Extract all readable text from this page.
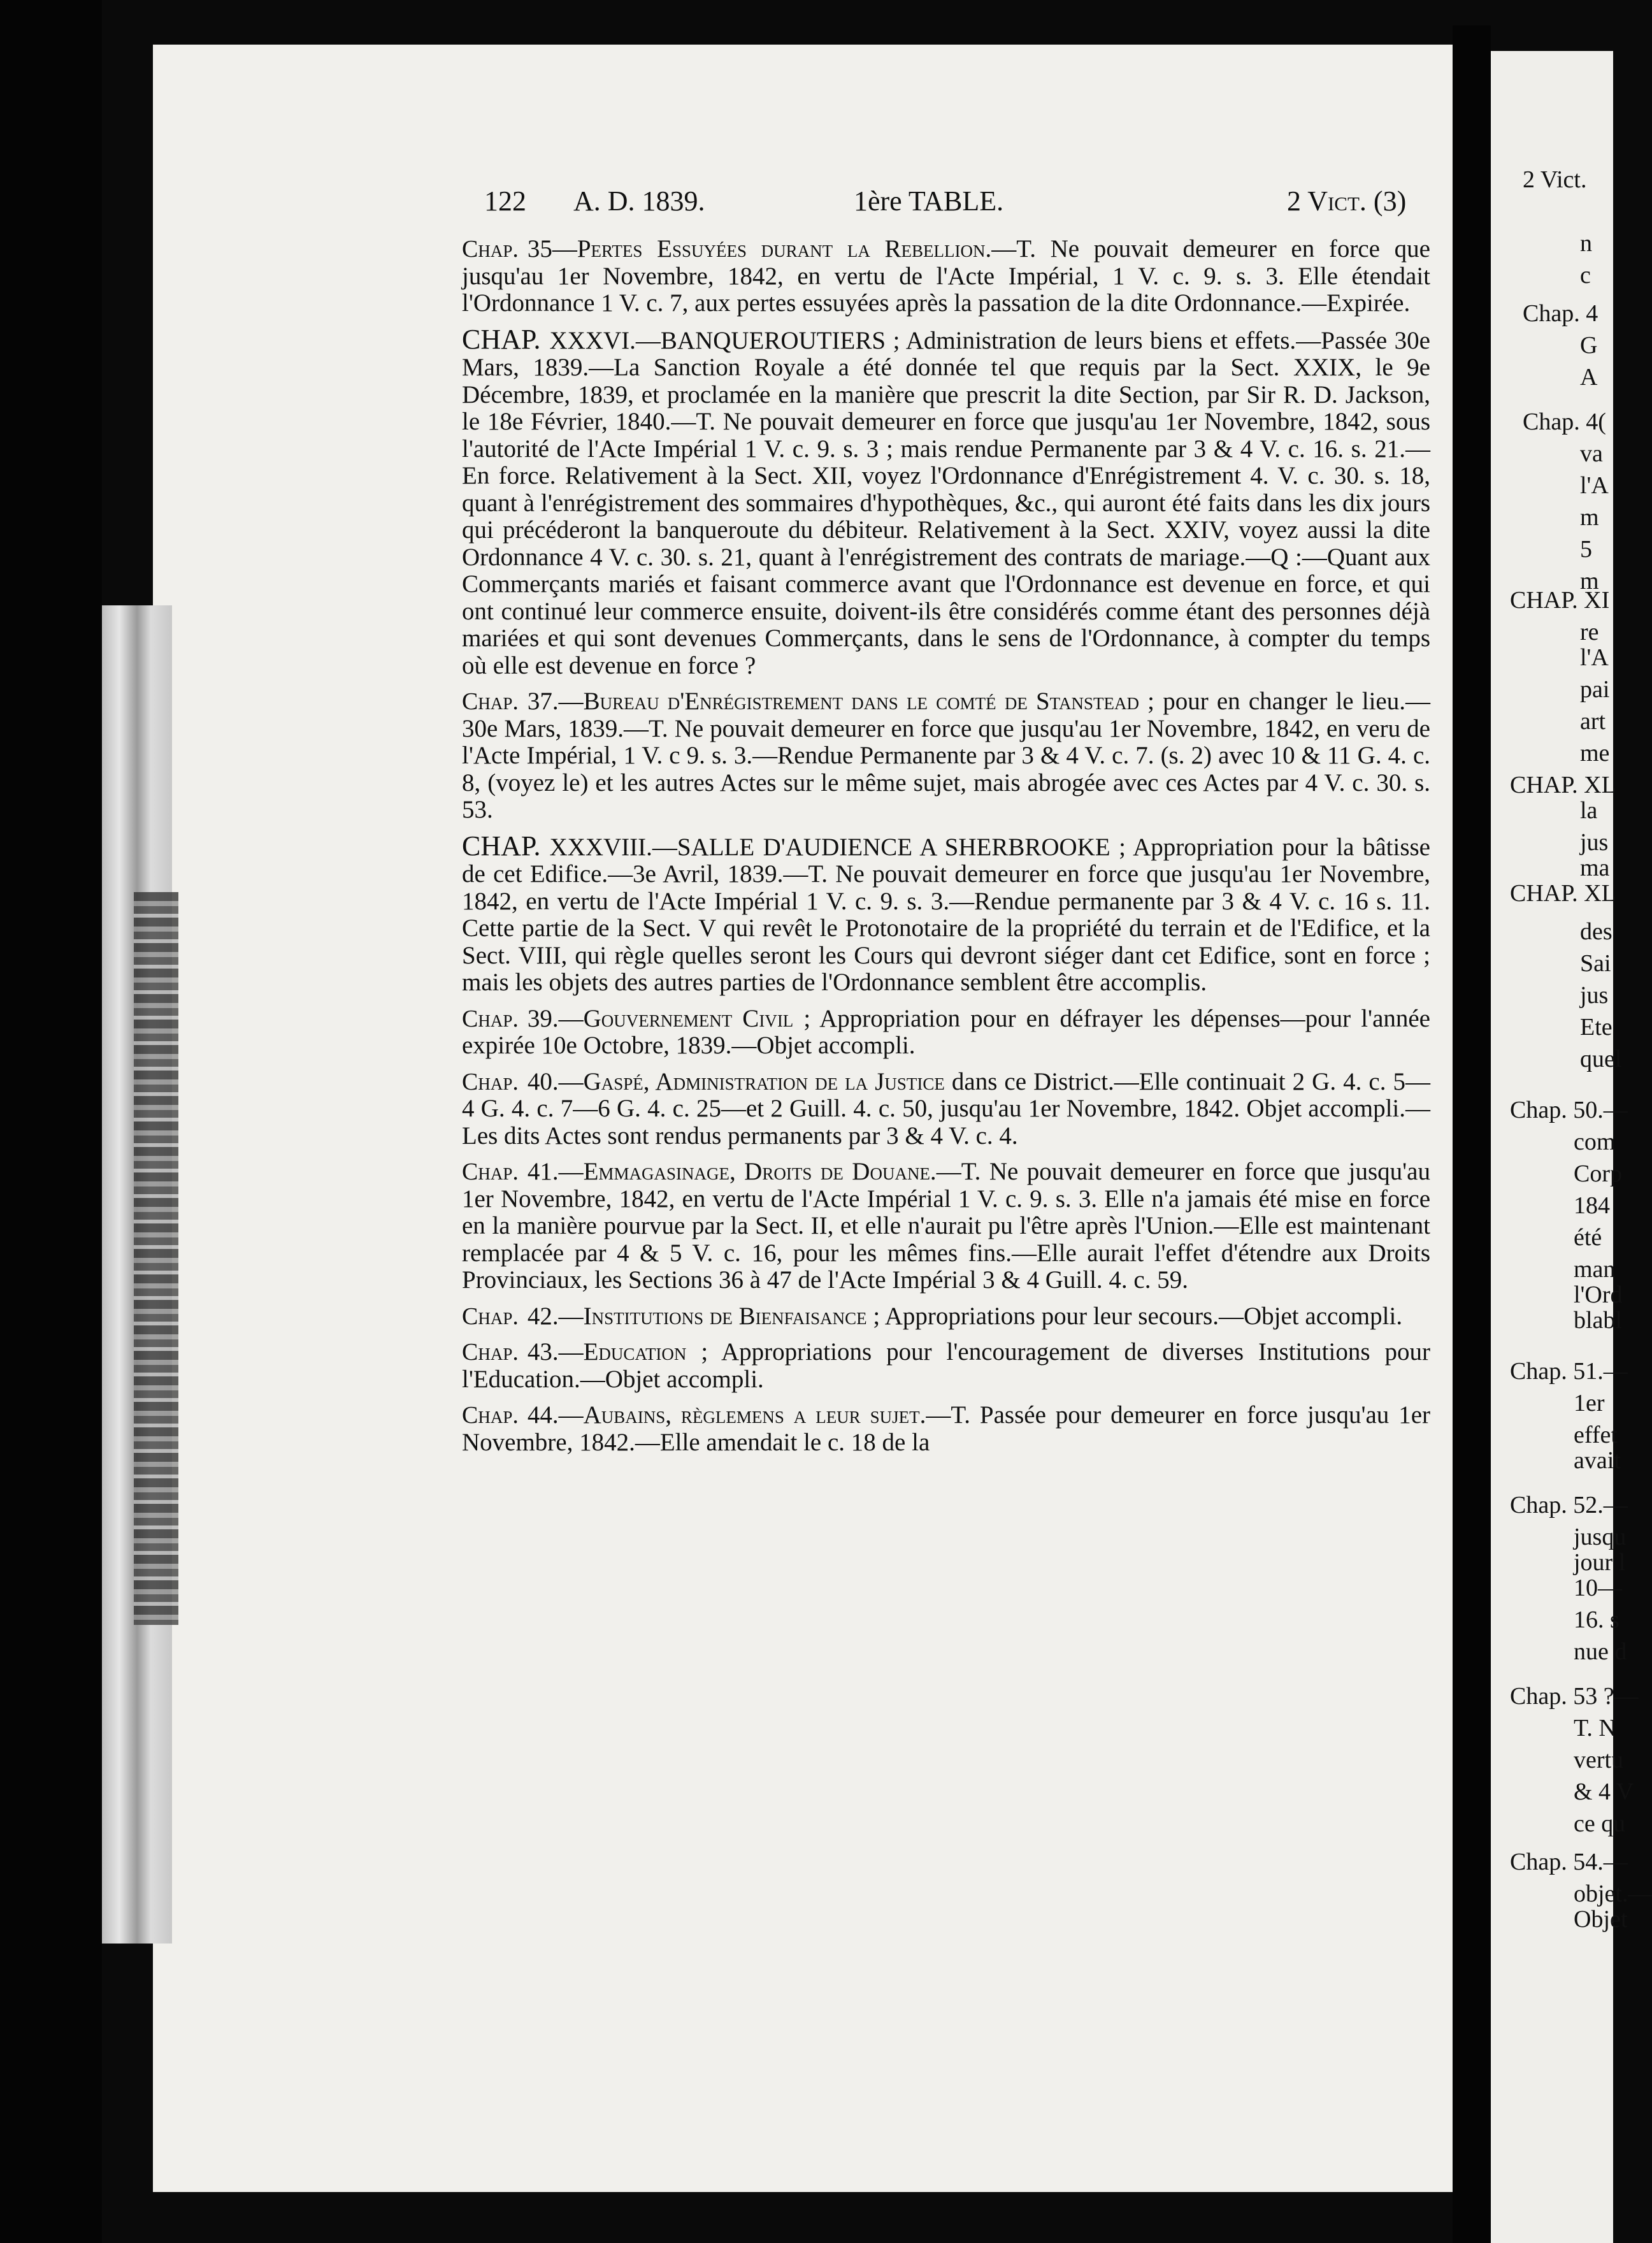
122 A. D. 1839.	1ère TABLE.	2 Vict. (3)
Chap. 35—Pertes Essuyées durant la Rebellion.—T. Ne pouvait demeurer en force que jusqu'au 1er Novembre, 1842, en vertu de l'Acte Impérial, 1 V. c. 9. s. 3. Elle étendait l'Ordonnance 1 V. c. 7, aux pertes essuyées après la passation de la dite Ordonnance.—Expirée.
CHAP. XXXVI.—BANQUEROUTIERS ; Administration de leurs biens et effets.—Passée 30e Mars, 1839.—La Sanction Royale a été donnée tel que requis par la Sect. XXIX, le 9e Décembre, 1839, et proclamée en la manière que prescrit la dite Section, par Sir R. D. Jackson, le 18e Février, 1840.—T. Ne pouvait demeurer en force que jusqu'au 1er Novembre, 1842, sous l'autorité de l'Acte Impérial 1 V. c. 9. s. 3 ; mais rendue Permanente par 3 & 4 V. c. 16. s. 21.—En force. Relativement à la Sect. XII, voyez l'Ordonnance d'Enrégistrement 4. V. c. 30. s. 18, quant à l'enrégistrement des sommaires d'hypothèques, &c., qui auront été faits dans les dix jours qui précéderont la banqueroute du débiteur. Relativement à la Sect. XXIV, voyez aussi la dite Ordonnance 4 V. c. 30. s. 21, quant à l'enrégistrement des contrats de mariage.—Q :—Quant aux Commerçants mariés et faisant commerce avant que l'Ordonnance est devenue en force, et qui ont continué leur commerce ensuite, doivent-ils être considérés comme étant des personnes déjà mariées et qui sont devenues Commerçants, dans le sens de l'Ordonnance, à compter du temps où elle est devenue en force ?
Chap. 37.—Bureau d'Enrégistrement dans le comté de Stanstead ; pour en changer le lieu.—30e Mars, 1839.—T. Ne pouvait demeurer en force que jusqu'au 1er Novembre, 1842, en veru de l'Acte Impérial, 1 V. c 9. s. 3.—Rendue Permanente par 3 & 4 V. c. 7. (s. 2) avec 10 & 11 G. 4. c. 8, (voyez le) et les autres Actes sur le même sujet, mais abrogée avec ces Actes par 4 V. c. 30. s. 53.
CHAP. XXXVIII.—SALLE D'AUDIENCE A SHERBROOKE ; Appropriation pour la bâtisse de cet Edifice.—3e Avril, 1839.—T. Ne pouvait demeurer en force que jusqu'au 1er Novembre, 1842, en vertu de l'Acte Impérial 1 V. c. 9. s. 3.—Rendue permanente par 3 & 4 V. c. 16 s. 11. Cette partie de la Sect. V qui revêt le Protonotaire de la propriété du terrain et de l'Edifice, et la Sect. VIII, qui règle quelles seront les Cours qui devront siéger dant cet Edifice, sont en force ; mais les objets des autres parties de l'Ordonnance semblent être accomplis.
Chap. 39.—Gouvernement Civil ; Appropriation pour en défrayer les dépenses—pour l'année expirée 10e Octobre, 1839.—Objet accompli.
Chap. 40.—Gaspé, Administration de la Justice dans ce District.—Elle continuait 2 G. 4. c. 5—4 G. 4. c. 7—6 G. 4. c. 25—et 2 Guill. 4. c. 50, jusqu'au 1er Novembre, 1842. Objet accompli.—Les dits Actes sont rendus permanents par 3 & 4 V. c. 4.
Chap. 41.—Emmagasinage, Droits de Douane.—T. Ne pouvait demeurer en force que jusqu'au 1er Novembre, 1842, en vertu de l'Acte Impérial 1 V. c. 9. s. 3. Elle n'a jamais été mise en force en la manière pourvue par la Sect. II, et elle n'aurait pu l'être après l'Union.—Elle est maintenant remplacée par 4 & 5 V. c. 16, pour les mêmes fins.—Elle aurait l'effet d'étendre aux Droits Provinciaux, les Sections 36 à 47 de l'Acte Impérial 3 & 4 Guill. 4. c. 59.
Chap. 42.—Institutions de Bienfaisance ; Appropriations pour leur secours.—Objet accompli.
Chap. 43.—Education ; Appropriations pour l'encouragement de diverses Institutions pour l'Education.—Objet accompli.
Chap. 44.—Aubains, règlemens a leur sujet.—T. Passée pour demeurer en force jusqu'au 1er Novembre, 1842.—Elle amendait le c. 18 de la
2 Vict.
n
c
Chap. 4
G
A
Chap. 4(
va
l'A
m
5
m
CHAP. XI
re
l'A
pai
art
me
CHAP. XL
la
jus
ma
CHAP. XL
des
Sai
jus
Ete
quel
Chap. 50.—
com
Corp
184
été
man
l'Ord
blabl
Chap. 51.—
1er
effet
avait
Chap. 52.—
jusqu
jour l
10—
16. s
nue d
Chap. 53 ?—
T. N
vertu
& 4 V
ce qu
Chap. 54.—
objet.—
Objet
